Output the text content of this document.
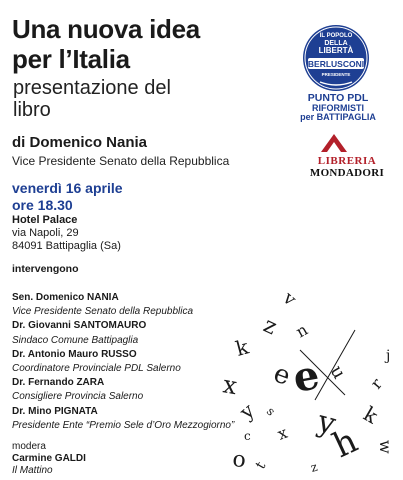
Una nuova idea
per l’Italia
presentazione del
libro
di Domenico Nania
Vice Presidente Senato della Repubblica
venerdì 16 aprile
ore 18.30
Hotel Palace
via Napoli, 29
84091 Battipaglia (Sa)
intervengono
Sen. Domenico NANIA
Vice Presidente Senato della Repubblica
Dr. Giovanni SANTOMAURO
Sindaco Comune Battipaglia
Dr. Antonio Mauro RUSSO
Coordinatore Provinciale PDL Salerno
Dr. Fernando ZARA
Consigliere Provincia Salerno
Dr. Mino PIGNATA
Presidente Ente “Premio Sele d’Oro Mezzogiorno”
modera
Carmine GALDI
Il Mattino
IL POPOLO
DELLA
LIBERTÀ
BERLUSCONI
PRESIDENTE
PUNTO PDL
RIFORMISTI
per BATTIPAGLIA
LIBRERIA
MONDADORI
z
k
v
n
x
y
e
e u
y
x
o t h
k
r
w
c
s
z
j
